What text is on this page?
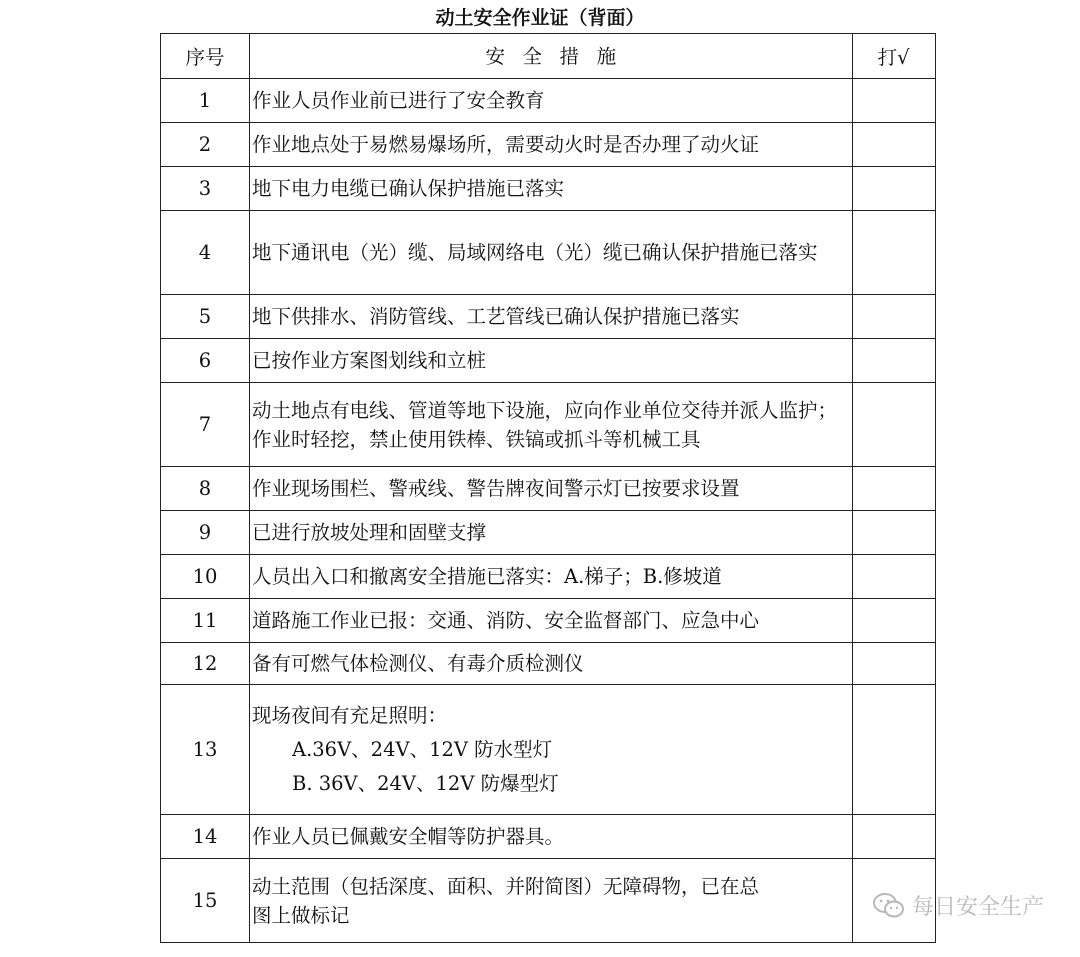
动土安全作业证（背面）
序号	安全措施	打√
1	作业人员作业前已进行了安全教育	
2	作业地点处于易燃易爆场所，需要动火时是否办理了动火证	
3	地下电力电缆已确认保护措施已落实	
4	地下通讯电（光）缆、局域网络电（光）缆已确认保护措施已落实	
5	地下供排水、消防管线、工艺管线已确认保护措施已落实	
6	已按作业方案图划线和立桩	
7	动土地点有电线、管道等地下设施，应向作业单位交待并派人监护；作业时轻挖，禁止使用铁棒、铁镐或抓斗等机械工具	
8	作业现场围栏、警戒线、警告牌夜间警示灯已按要求设置	
9	已进行放坡处理和固壁支撑	
10	人员出入口和撤离安全措施已落实：A.梯子；B.修坡道	
11	道路施工作业已报：交通、消防、安全监督部门、应急中心	
12	备有可燃气体检测仪、有毒介质检测仪	
13	现场夜间有充足照明：
A.36V、24V、12V 防水型灯
B. 36V、24V、12V 防爆型灯	

14	作业人员已佩戴安全帽等防护器具。	
15	动土范围（包括深度、面积、并附简图）无障碍物，已在总图上做标记		每日安全生产
